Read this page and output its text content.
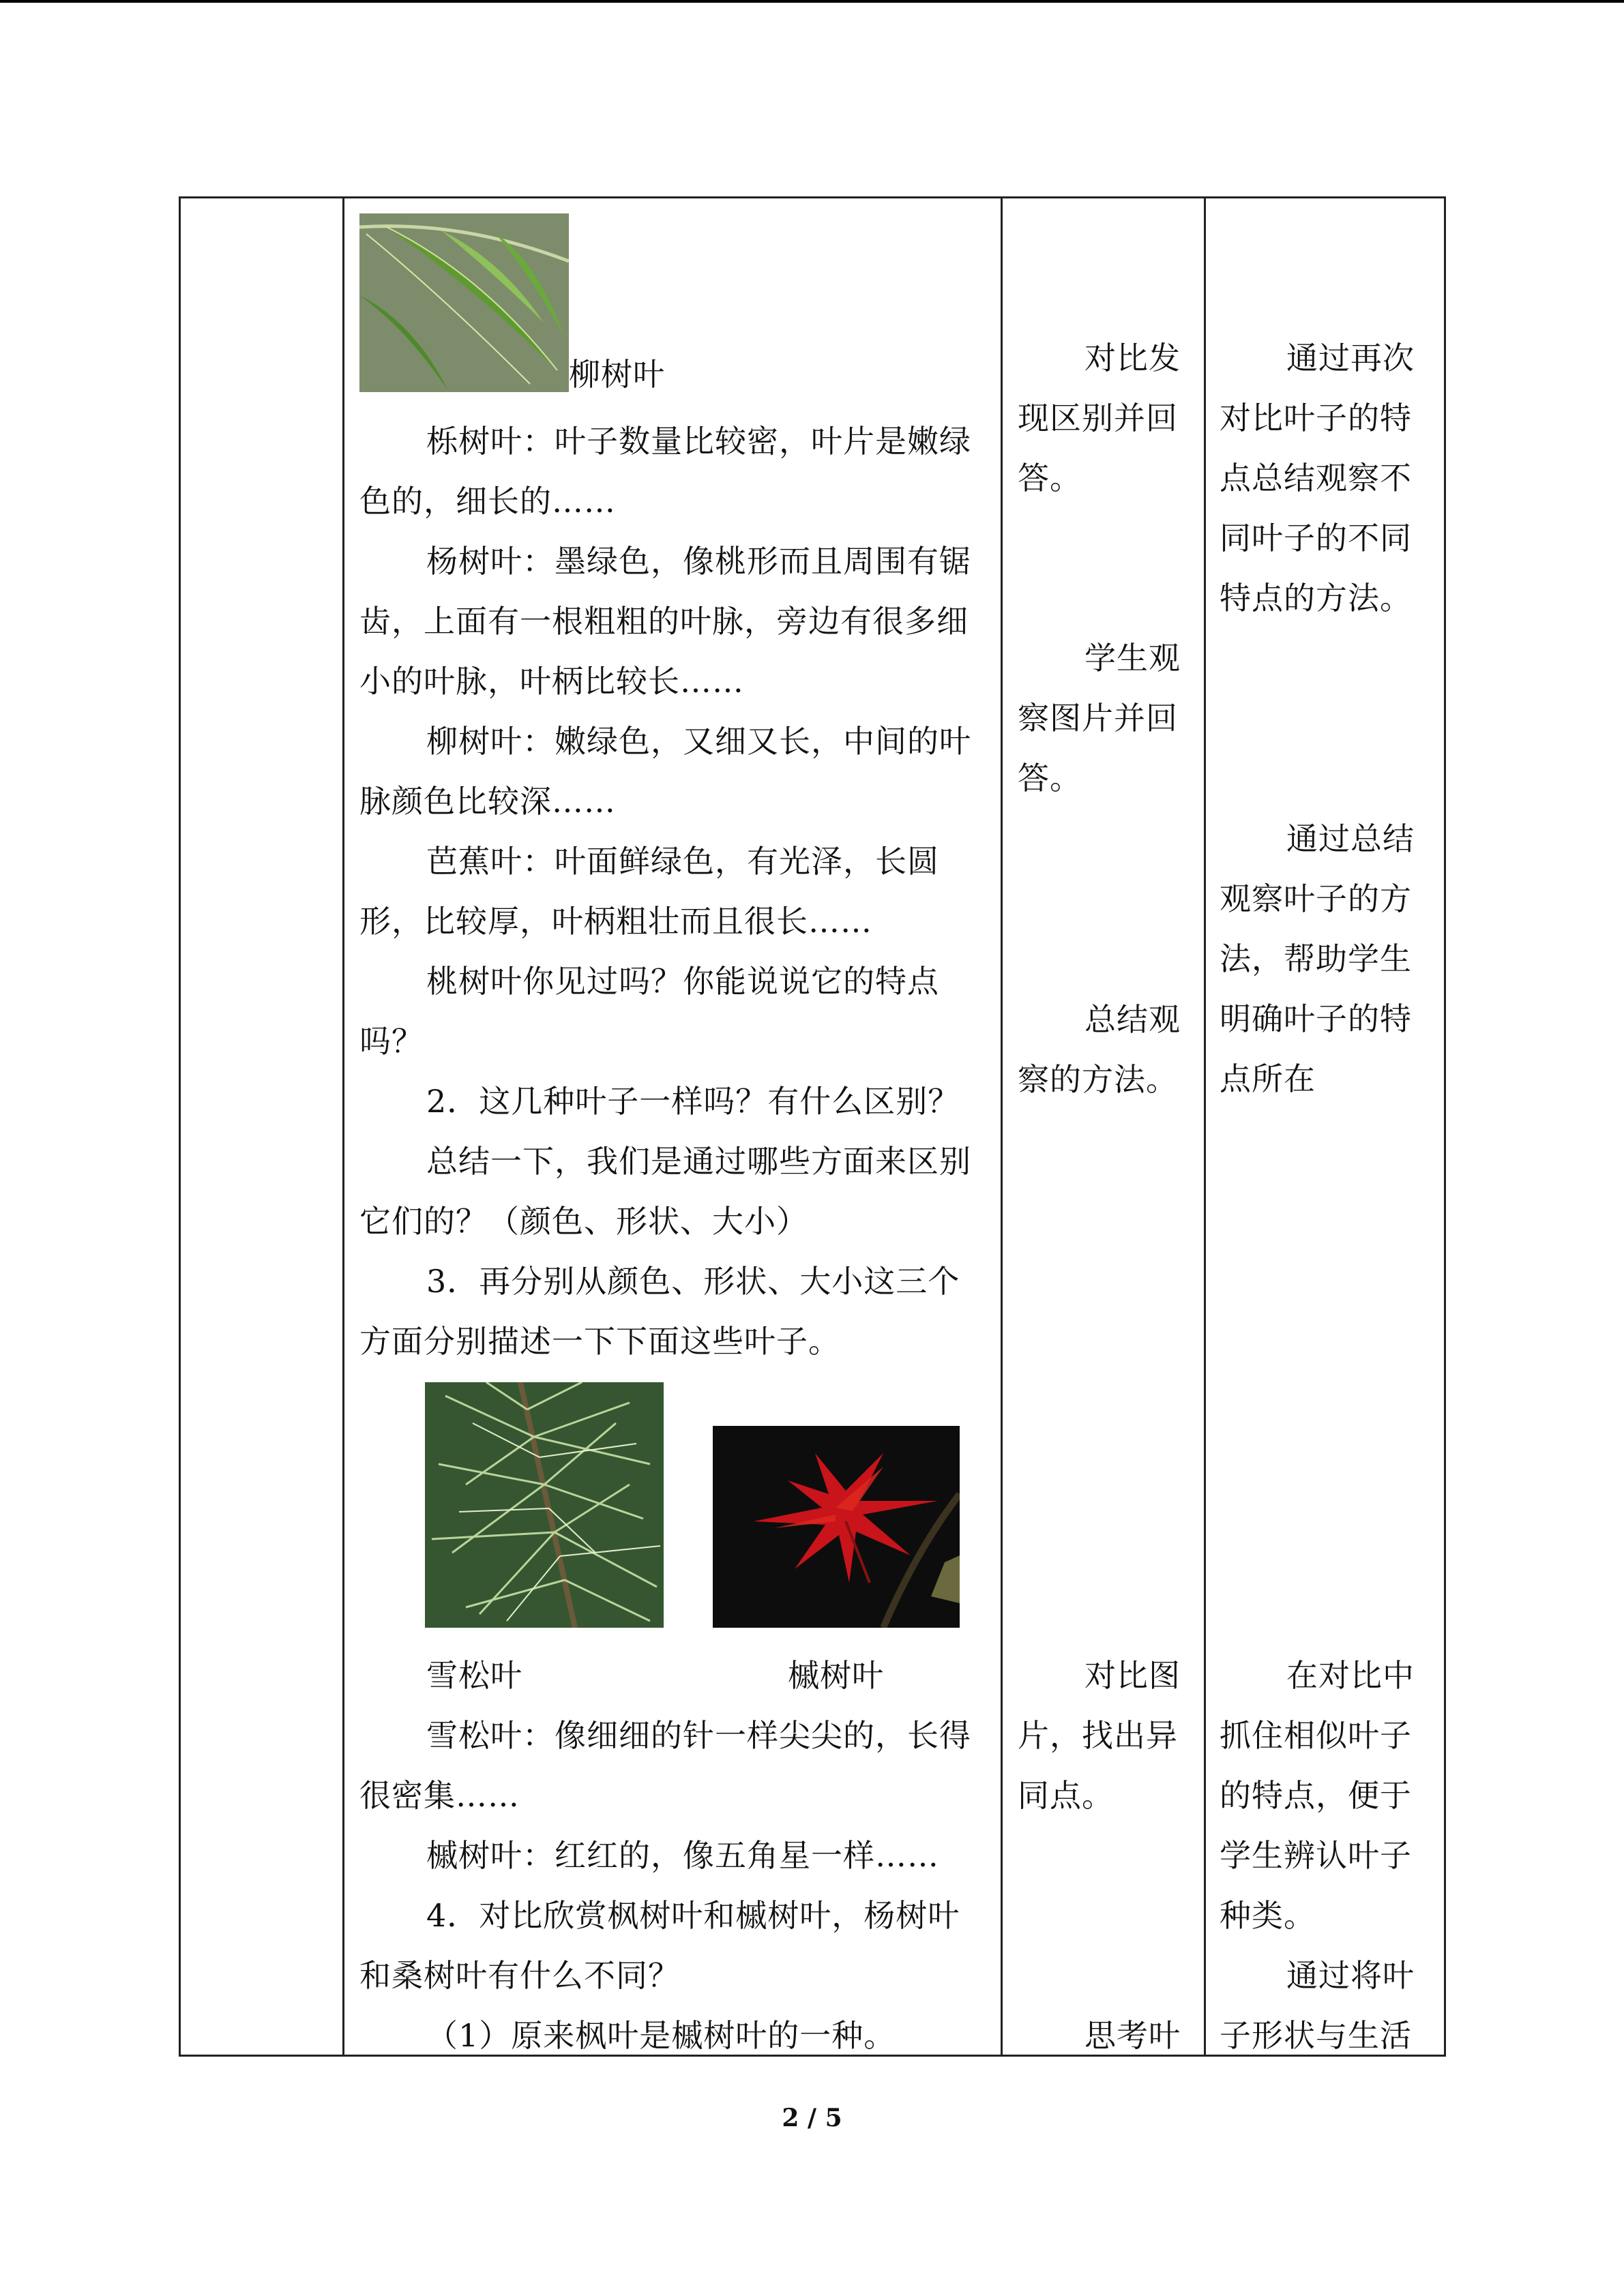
柳树叶

栎树叶：叶子数量比较密，叶片是嫩绿色的，细长的……

杨树叶：墨绿色，像桃形而且周围有锯齿，上面有一根粗粗的叶脉，旁边有很多细小的叶脉，叶柄比较长……

柳树叶：嫩绿色，又细又长，中间的叶脉颜色比较深……

芭蕉叶：叶面鲜绿色，有光泽，长圆形，比较厚，叶柄粗壮而且很长……

桃树叶你见过吗？你能说说它的特点吗？

2．这几种叶子一样吗？有什么区别？

总结一下，我们是通过哪些方面来区别它们的？（颜色、形状、大小）

3．再分别从颜色、形状、大小这三个方面分别描述一下下面这些叶子。

雪松叶	槭树叶

雪松叶：像细细的针一样尖尖的，长得很密集……

槭树叶：红红的，像五角星一样……

4．对比欣赏枫树叶和槭树叶，杨树叶和桑树叶有什么不同？

（1）原来枫叶是槭树叶的一种。

对比发现区别并回答。

学生观察图片并回答。

总结观察的方法。

对比图片，找出异同点。

思考叶

通过再次对比叶子的特点总结观察不同叶子的不同特点的方法。

通过总结观察叶子的方法，帮助学生明确叶子的特点所在

在对比中抓住相似叶子的特点，便于学生辨认叶子种类。

通过将叶子形状与生活

2 / 5
